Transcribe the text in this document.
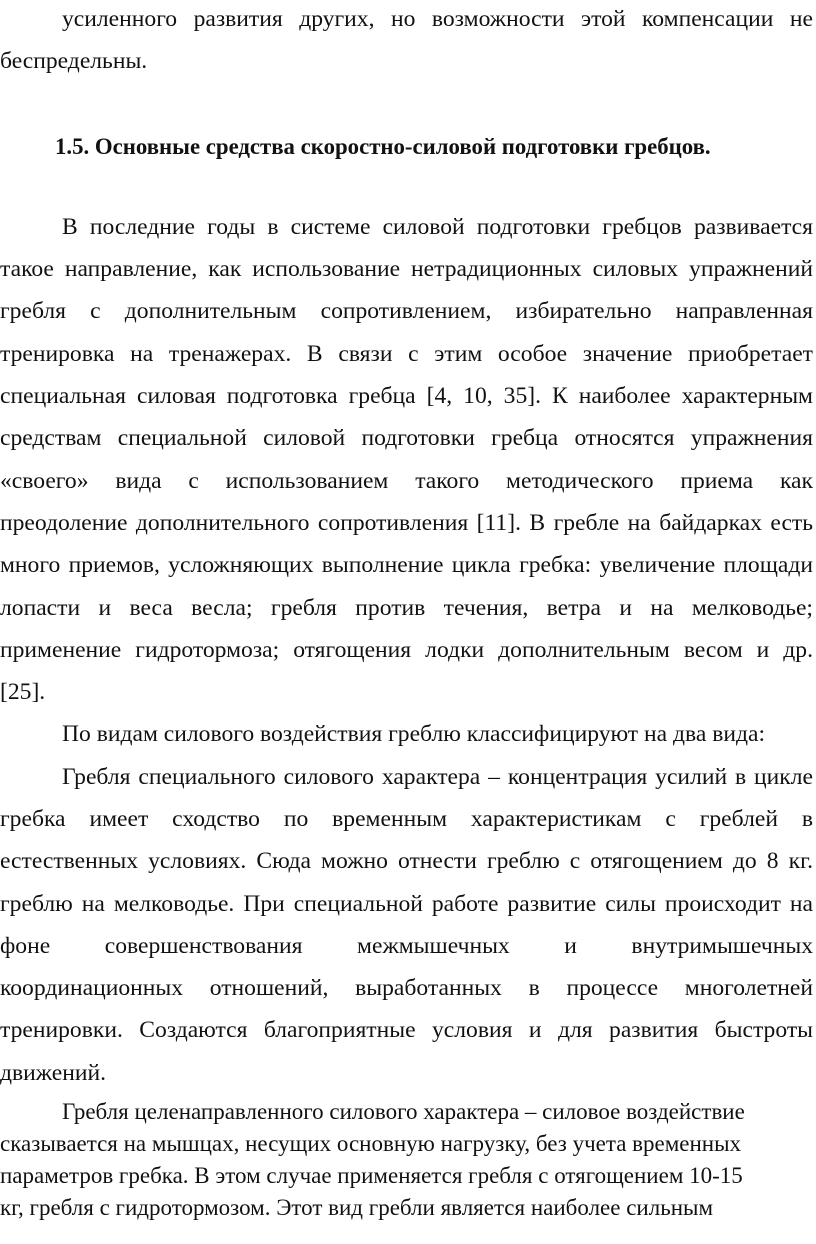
усиленного развития других, но возможности этой компенсации не

беспредельны.

1.5. Основные средства скоростно-силовой подготовки гребцов.

В последние годы в системе силовой подготовки гребцов развивается

такое направление, как использование нетрадиционных силовых упражнений

гребля с дополнительным сопротивлением, избирательно направленная

тренировка на тренажерах. В связи с этим особое значение приобретает

специальная силовая подготовка гребца [4, 10, 35]. К наиболее характерным

средствам специальной силовой подготовки гребца относятся упражнения

«своего» вида с использованием такого методического приема как

преодоление дополнительного сопротивления [11]. В гребле на байдарках есть

много приемов, усложняющих выполнение цикла гребка: увеличение площади

лопасти и веса весла; гребля против течения, ветра и на мелководье;

применение гидротормоза; отягощения лодки дополнительным весом и др.

[25].

По видам силового воздействия греблю классифицируют на два вида:

Гребля специального силового характера – концентрация усилий в цикле

гребка имеет сходство по временным характеристикам с греблей в

естественных условиях. Сюда можно отнести греблю с отягощением до 8 кг.

греблю на мелководье. При специальной работе развитие силы происходит на

фоне совершенствования межмышечных и внутримышечных

координационных отношений, выработанных в процессе многолетней

тренировки. Создаются благоприятные условия и для развития быстроты

движений.

Гребля целенаправленного силового характера – силовое воздействие

сказывается на мышцах, несущих основную нагрузку, без учета временных

параметров гребка. В этом случае применяется гребля с отягощением 10-15

кг, гребля с гидротормозом. Этот вид гребли является наиболее сильным
